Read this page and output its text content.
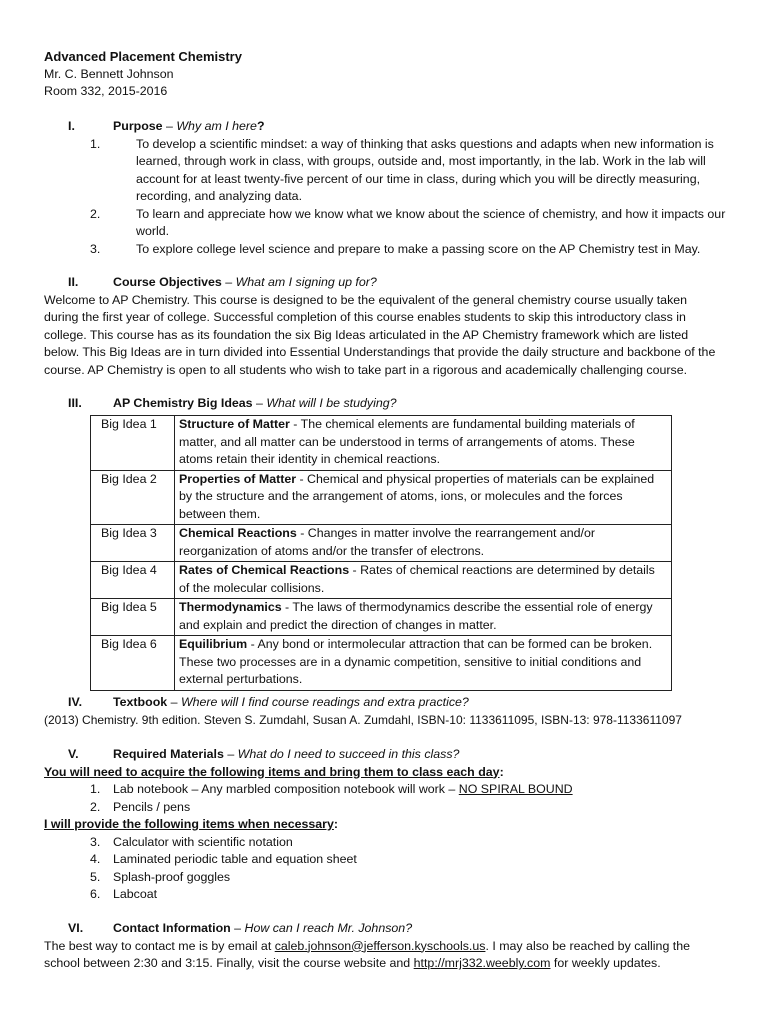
Advanced Placement Chemistry
Mr. C. Bennett Johnson
Room 332, 2015-2016
I.	Purpose – Why am I here?
1.	To develop a scientific mindset: a way of thinking that asks questions and adapts when new information is learned, through work in class, with groups, outside and, most importantly, in the lab. Work in the lab will account for at least twenty-five percent of our time in class, during which you will be directly measuring, recording, and analyzing data.
2.	To learn and appreciate how we know what we know about the science of chemistry, and how it impacts our world.
3.	To explore college level science and prepare to make a passing score on the AP Chemistry test in May.
II.	Course Objectives – What am I signing up for?
Welcome to AP Chemistry. This course is designed to be the equivalent of the general chemistry course usually taken during the first year of college. Successful completion of this course enables students to skip this introductory class in college. This course has as its foundation the six Big Ideas articulated in the AP Chemistry framework which are listed below. This Big Ideas are in turn divided into Essential Understandings that provide the daily structure and backbone of the course. AP Chemistry is open to all students who wish to take part in a rigorous and academically challenging course.
III.	AP Chemistry Big Ideas – What will I be studying?
Big Idea 1	Structure of Matter - The chemical elements are fundamental building materials of matter, and all matter can be understood in terms of arrangements of atoms. These atoms retain their identity in chemical reactions.
Big Idea 2	Properties of Matter - Chemical and physical properties of materials can be explained by the structure and the arrangement of atoms, ions, or molecules and the forces between them.
Big Idea 3	Chemical Reactions - Changes in matter involve the rearrangement and/or reorganization of atoms and/or the transfer of electrons.
Big Idea 4	Rates of Chemical Reactions - Rates of chemical reactions are determined by details of the molecular collisions.
Big Idea 5	Thermodynamics - The laws of thermodynamics describe the essential role of energy and explain and predict the direction of changes in matter.
Big Idea 6	Equilibrium - Any bond or intermolecular attraction that can be formed can be broken. These two processes are in a dynamic competition, sensitive to initial conditions and external perturbations.
IV. Textbook – Where will I find course readings and extra practice?
(2013) Chemistry. 9th edition. Steven S. Zumdahl, Susan A. Zumdahl, ISBN-10: 1133611095, ISBN-13: 978-1133611097
V.	Required Materials – What do I need to succeed in this class?
You will need to acquire the following items and bring them to class each day:
1. Lab notebook – Any marbled composition notebook will work – NO SPIRAL BOUND
2. Pencils / pens
I will provide the following items when necessary:
3. Calculator with scientific notation
4. Laminated periodic table and equation sheet
5. Splash-proof goggles
6. Labcoat
VI. Contact Information – How can I reach Mr. Johnson?
The best way to contact me is by email at caleb.johnson@jefferson.kyschools.us. I may also be reached by calling the school between 2:30 and 3:15. Finally, visit the course website and http://mrj332.weebly.com for weekly updates.
